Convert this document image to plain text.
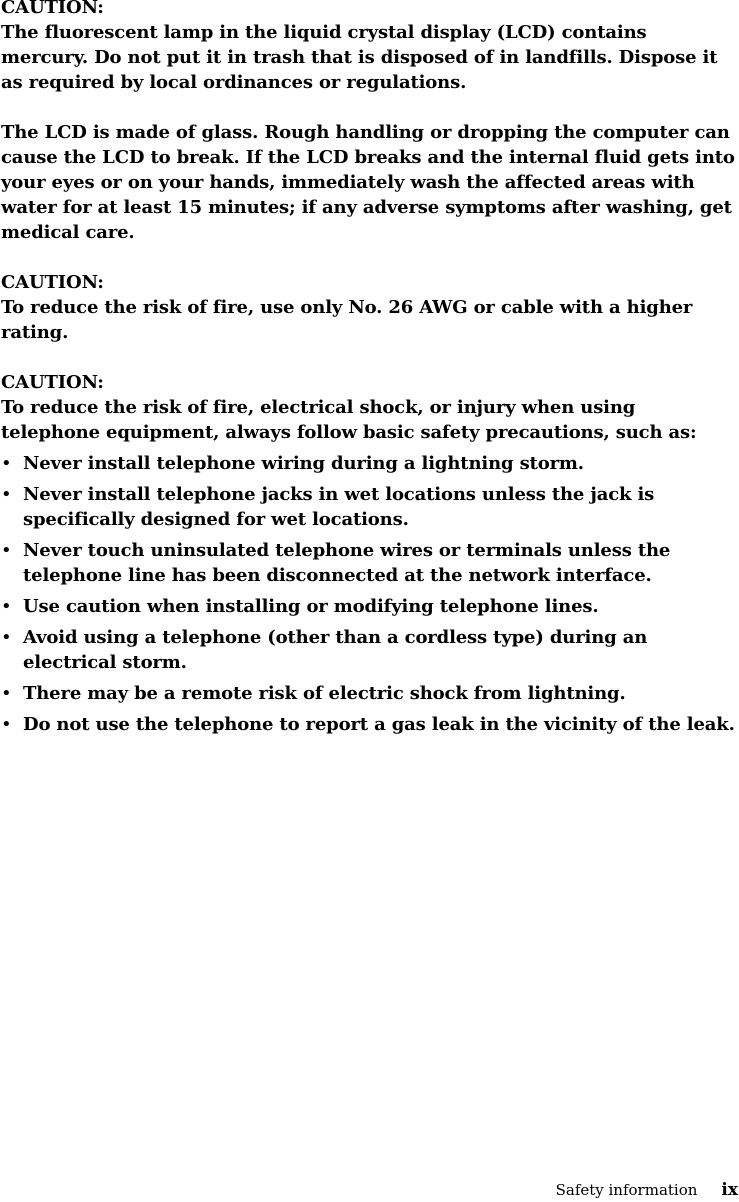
CAUTION:

The fluorescent lamp in the liquid crystal display (LCD) contains mercury. Do not put it in trash that is disposed of in landfills. Dispose it as required by local ordinances or regulations.

The LCD is made of glass. Rough handling or dropping the computer can cause the LCD to break. If the LCD breaks and the internal fluid gets into your eyes or on your hands, immediately wash the affected areas with water for at least 15 minutes; if any adverse symptoms after washing, get medical care.

CAUTION:

To reduce the risk of fire, use only No. 26 AWG or cable with a higher rating.

CAUTION:

To reduce the risk of fire, electrical shock, or injury when using telephone equipment, always follow basic safety precautions, such as:

• Never install telephone wiring during a lightning storm.
• Never install telephone jacks in wet locations unless the jack is specifically designed for wet locations.
• Never touch uninsulated telephone wires or terminals unless the telephone line has been disconnected at the network interface.
• Use caution when installing or modifying telephone lines.
• Avoid using a telephone (other than a cordless type) during an electrical storm.
• There may be a remote risk of electric shock from lightning.
• Do not use the telephone to report a gas leak in the vicinity of the leak.
Safety information ix
